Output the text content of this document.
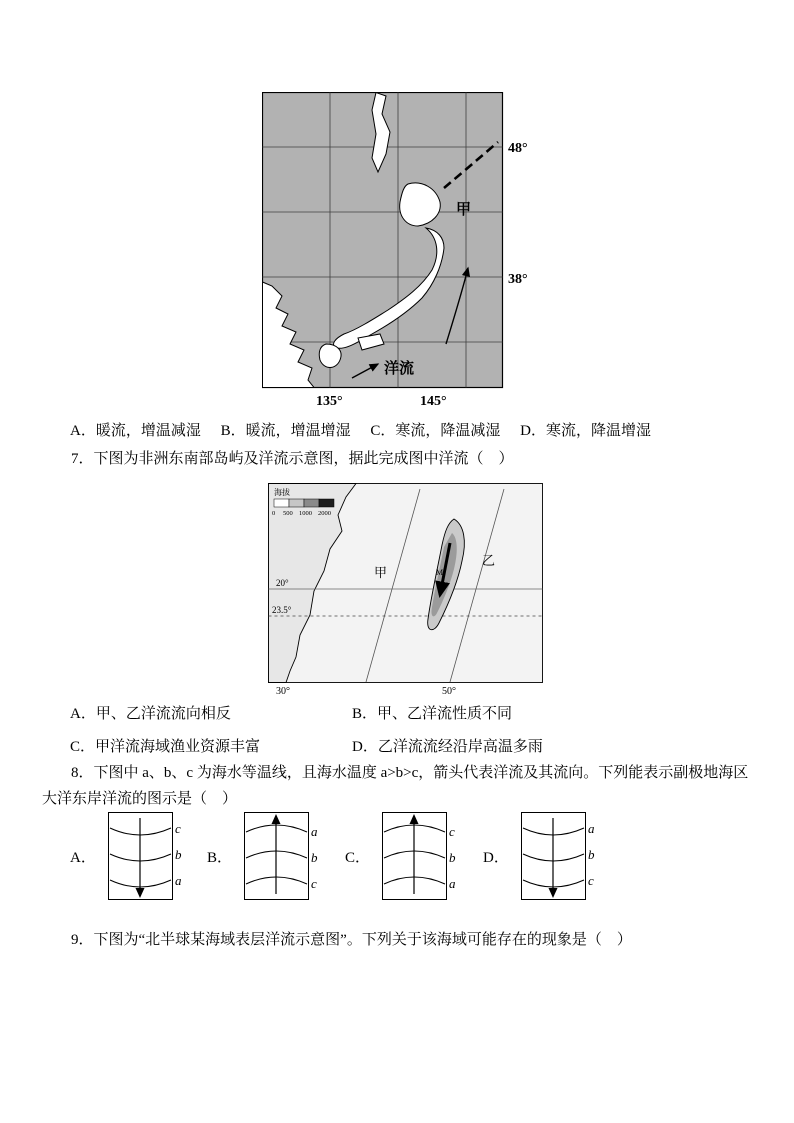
甲
洋流
48°
38°
135°	145°

A．暖流，增温减湿 B．暖流，增温增湿 C．寒流，降温减湿 D．寒流，降温增湿

7．下图为非洲东南部岛屿及洋流示意图，据此完成图中洋流（　）

M
甲
乙
20°
23.5°
30°	50°
海拔
0 500 1000 2000
A．甲、乙洋流流向相反	B．甲、乙洋流性质不同
C．甲洋流海域渔业资源丰富	D．乙洋流流经沿岸高温多雨

8．下图中 a、b、c 为海水等温线，且海水温度 a>b>c，箭头代表洋流及其流向。下列能表示副极地海区大洋东岸洋流的图示是（　）

A．
c
b
a
B．
a
b
c
C．
c
b
a
D．
a
b
c

9．下图为“北半球某海域表层洋流示意图”。下列关于该海域可能存在的现象是（　）
